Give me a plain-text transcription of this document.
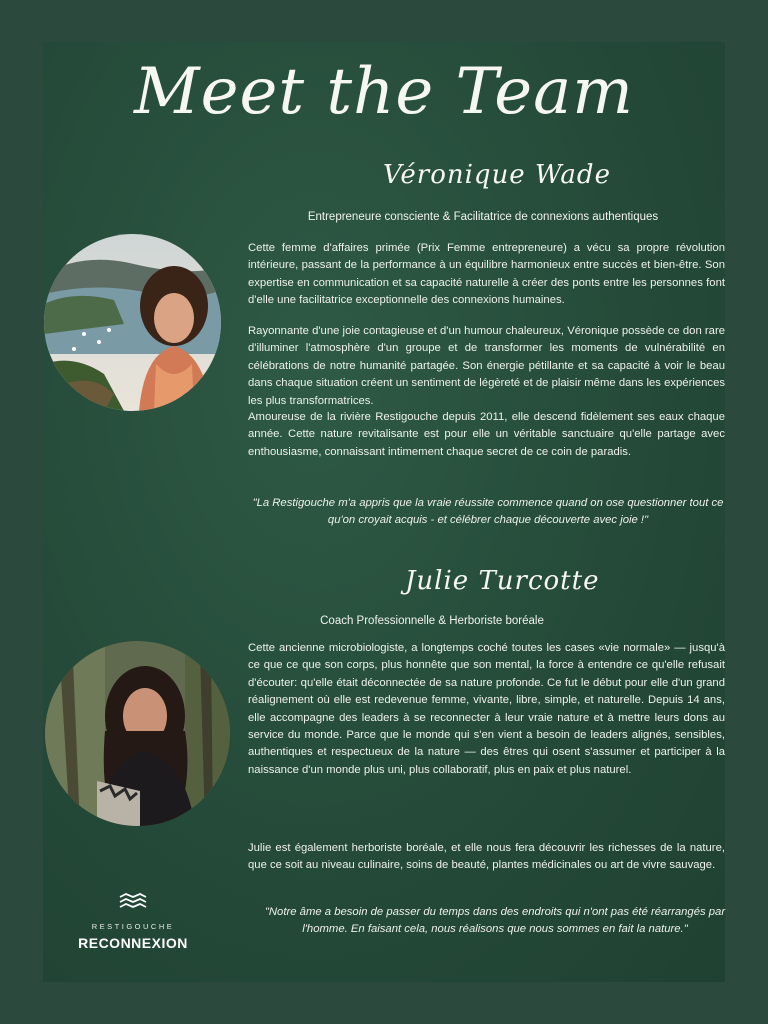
Meet the Team
Véronique Wade
Entrepreneure consciente & Facilitatrice de connexions authentiques
Cette femme d'affaires primée (Prix Femme entrepreneure) a vécu sa propre révolution intérieure, passant de la performance à un équilibre harmonieux entre succès et bien-être. Son expertise en communication et sa capacité naturelle à créer des ponts entre les personnes font d'elle une facilitatrice exceptionnelle des connexions humaines.
Rayonnante d'une joie contagieuse et d'un humour chaleureux, Véronique possède ce don rare d'illuminer l'atmosphère d'un groupe et de transformer les moments de vulnérabilité en célébrations de notre humanité partagée. Son énergie pétillante et sa capacité à voir le beau dans chaque situation créent un sentiment de légèreté et de plaisir même dans les expériences les plus transformatrices.
Amoureuse de la rivière Restigouche depuis 2011, elle descend fidèlement ses eaux chaque année. Cette nature revitalisante est pour elle un véritable sanctuaire qu'elle partage avec enthousiasme, connaissant intimement chaque secret de ce coin de paradis.
"La Restigouche m'a appris que la vraie réussite commence quand on ose questionner tout ce qu'on croyait acquis - et célébrer chaque découverte avec joie !"
Julie Turcotte
Coach Professionnelle & Herboriste boréale
Cette ancienne microbiologiste, a longtemps coché toutes les cases «vie normale» — jusqu'à ce que ce que son corps, plus honnête que son mental, la force à entendre ce qu'elle refusait d'écouter: qu'elle était déconnectée de sa nature profonde. Ce fut le début pour elle d'un grand réalignement où elle est redevenue femme, vivante, libre, simple, et naturelle. Depuis 14 ans, elle accompagne des leaders à se reconnecter à leur vraie nature et à mettre leurs dons au service du monde. Parce que le monde qui s'en vient a besoin de leaders alignés, sensibles, authentiques et respectueux de la nature — des êtres qui osent s'assumer et participer à la naissance d'un monde plus uni, plus collaboratif, plus en paix et plus naturel.
Julie est également herboriste boréale, et elle nous fera découvrir les richesses de la nature, que ce soit au niveau culinaire, soins de beauté, plantes médicinales ou art de vivre sauvage.
"Notre âme a besoin de passer du temps dans des endroits qui n'ont pas été réarrangés par l'homme. En faisant cela, nous réalisons que nous sommes en fait la nature."
RESTIGOUCHE
RECONNEXION
